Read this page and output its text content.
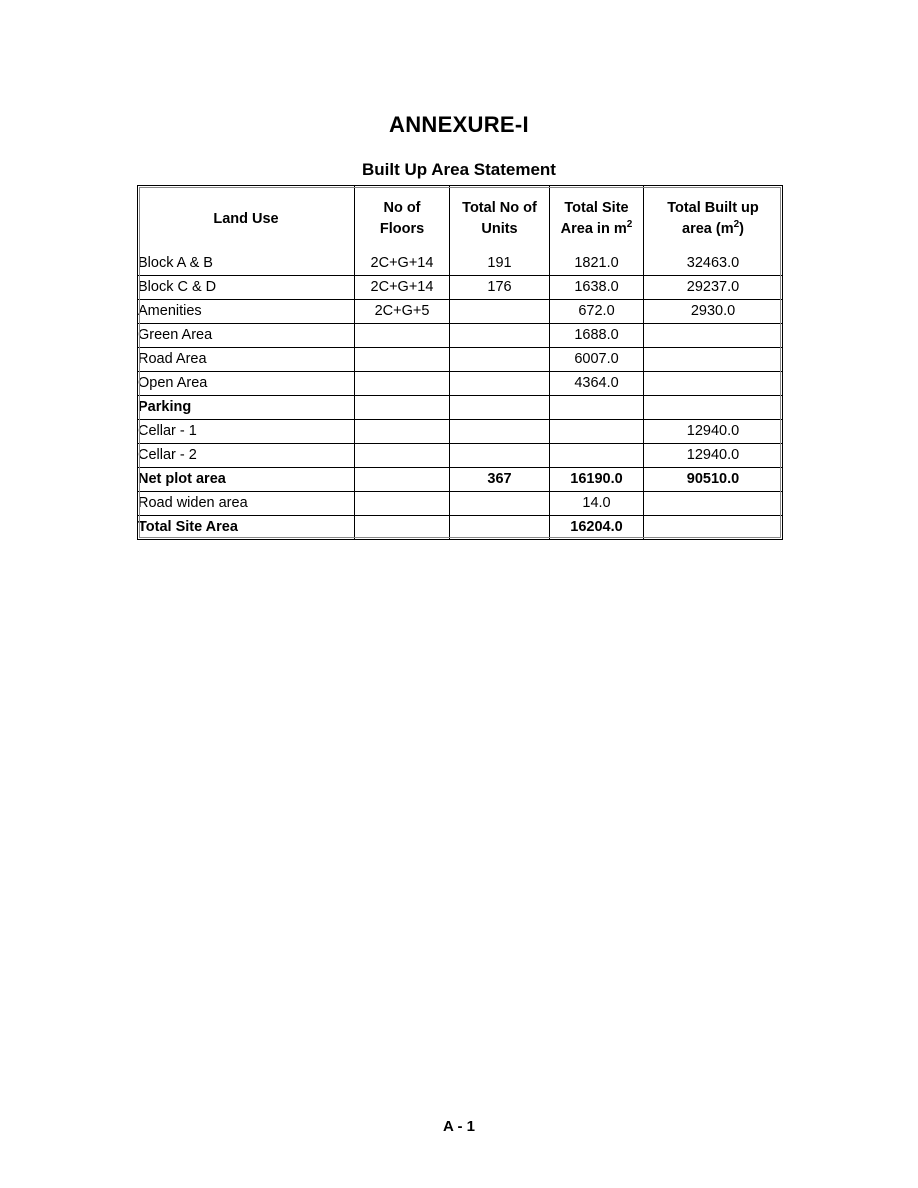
ANNEXURE-I
Built Up Area Statement
Land Use	No of Floors	Total No of Units	Total Site Area in $m^2$	Total Built up area $(m^2)$

Block A & B	2C+G+14	191	1821.0	32463.0
Block C & D	2C+G+14	176	1638.0	29237.0
Amenities	2C+G+5		672.0	2930.0
Green Area			1688.0	
Road Area			6007.0	
Open Area			4364.0	
Parking				
Cellar - 1				12940.0
Cellar - 2				12940.0
Net plot area		367	16190.0	90510.0
Road widen area			14.0	
Total Site Area			16204.0	
A - 1
